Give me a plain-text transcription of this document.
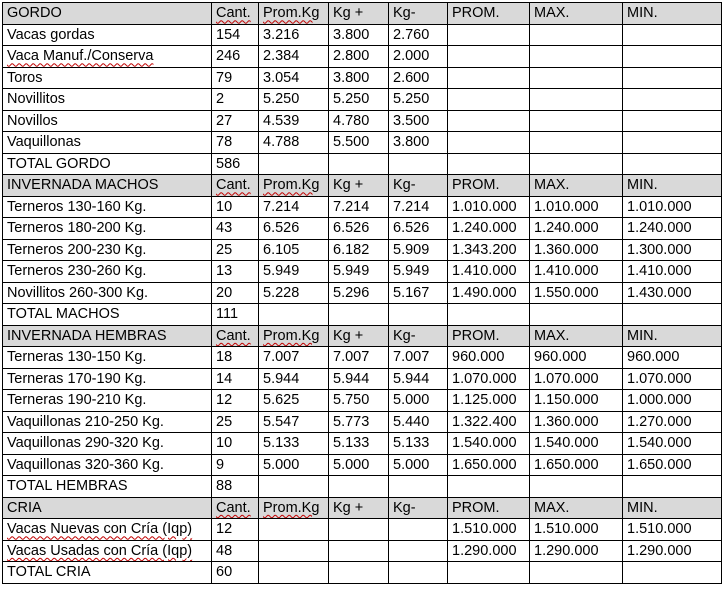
GORDO	Cant.	Prom.Kg	Kg +	Kg-	PROM.	MAX.	MIN.
Vacas gordas	154	3.216	3.800	2.760			
Vaca Manuf./Conserva	246	2.384	2.800	2.000			
Toros	79	3.054	3.800	2.600			
Novillitos	2	5.250	5.250	5.250			
Novillos	27	4.539	4.780	3.500			
Vaquillonas	78	4.788	5.500	3.800			
TOTAL GORDO	586						
INVERNADA MACHOS	Cant.	Prom.Kg	Kg +	Kg-	PROM.	MAX.	MIN.
Terneros 130-160 Kg.	10	7.214	7.214	7.214	1.010.000	1.010.000	1.010.000
Terneros 180-200 Kg.	43	6.526	6.526	6.526	1.240.000	1.240.000	1.240.000
Terneros 200-230 Kg.	25	6.105	6.182	5.909	1.343.200	1.360.000	1.300.000
Terneros 230-260 Kg.	13	5.949	5.949	5.949	1.410.000	1.410.000	1.410.000
Novillitos 260-300 Kg.	20	5.228	5.296	5.167	1.490.000	1.550.000	1.430.000
TOTAL MACHOS	111						
INVERNADA HEMBRAS	Cant.	Prom.Kg	Kg +	Kg-	PROM.	MAX.	MIN.
Terneras 130-150 Kg.	18	7.007	7.007	7.007	960.000	960.000	960.000
Terneras 170-190 Kg.	14	5.944	5.944	5.944	1.070.000	1.070.000	1.070.000
Terneras 190-210 Kg.	12	5.625	5.750	5.000	1.125.000	1.150.000	1.000.000
Vaquillonas 210-250 Kg.	25	5.547	5.773	5.440	1.322.400	1.360.000	1.270.000
Vaquillonas 290-320 Kg.	10	5.133	5.133	5.133	1.540.000	1.540.000	1.540.000
Vaquillonas 320-360 Kg.	9	5.000	5.000	5.000	1.650.000	1.650.000	1.650.000
TOTAL HEMBRAS	88						
CRIA	Cant.	Prom.Kg	Kg +	Kg-	PROM.	MAX.	MIN.
Vacas Nuevas con Cría (Iqp)	12				1.510.000	1.510.000	1.510.000
Vacas Usadas con Cría (Iqp)	48				1.290.000	1.290.000	1.290.000
TOTAL CRIA	60						
